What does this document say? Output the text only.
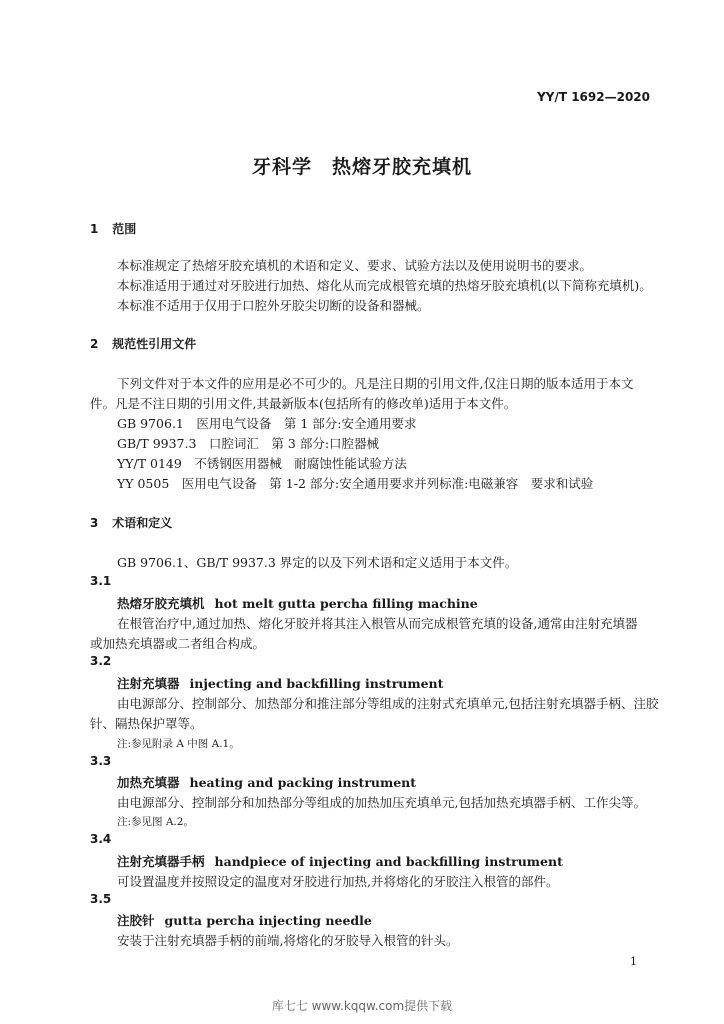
YY/T 1692—2020
牙科学　热熔牙胶充填机
1 范围
本标准规定了热熔牙胶充填机的术语和定义、要求、试验方法以及使用说明书的要求。
本标准适用于通过对牙胶进行加热、熔化从而完成根管充填的热熔牙胶充填机(以下简称充填机)。
本标准不适用于仅用于口腔外牙胶尖切断的设备和器械。
2 规范性引用文件
下列文件对于本文件的应用是必不可少的。凡是注日期的引用文件,仅注日期的版本适用于本文
件。凡是不注日期的引用文件,其最新版本(包括所有的修改单)适用于本文件。
GB 9706.1　医用电气设备　第 1 部分:安全通用要求
GB/T 9937.3　口腔词汇　第 3 部分:口腔器械
YY/T 0149　不锈钢医用器械　耐腐蚀性能试验方法
YY 0505　医用电气设备　第 1-2 部分:安全通用要求并列标准:电磁兼容　要求和试验
3 术语和定义
GB 9706.1、GB/T 9937.3 界定的以及下列术语和定义适用于本文件。
3.1
热熔牙胶充填机 hot melt gutta percha filling machine
在根管治疗中,通过加热、熔化牙胶并将其注入根管从而完成根管充填的设备,通常由注射充填器
或加热充填器或二者组合构成。
3.2
注射充填器 injecting and backfilling instrument
由电源部分、控制部分、加热部分和推注部分等组成的注射式充填单元,包括注射充填器手柄、注胶
针、隔热保护罩等。
注:参见附录 A 中图 A.1。
3.3
加热充填器 heating and packing instrument
由电源部分、控制部分和加热部分等组成的加热加压充填单元,包括加热充填器手柄、工作尖等。
注:参见图 A.2。
3.4
注射充填器手柄 handpiece of injecting and backfilling instrument
可设置温度并按照设定的温度对牙胶进行加热,并将熔化的牙胶注入根管的部件。
3.5
注胶针 gutta percha injecting needle
安装于注射充填器手柄的前端,将熔化的牙胶导入根管的针头。
1
库七七 www.kqqw.com提供下载
